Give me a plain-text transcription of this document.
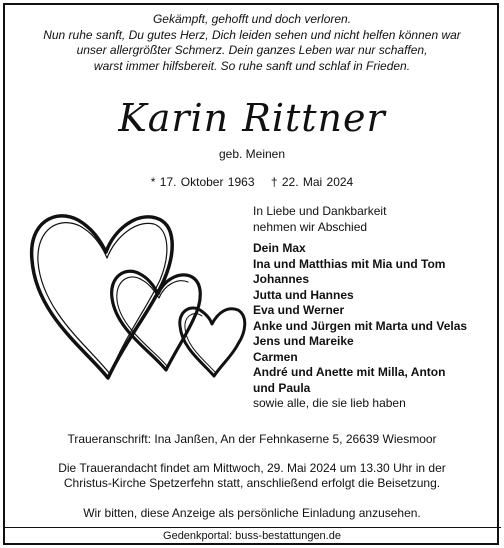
Gekämpft, gehofft und doch verloren.
Nun ruhe sanft, Du gutes Herz, Dich leiden sehen und nicht helfen können war
unser allergrößter Schmerz. Dein ganzes Leben war nur schaffen,
warst immer hilfsbereit. So ruhe sanft und schlaf in Frieden.
Karin Rittner
geb. Meinen
* 17. Oktober 1963 † 22. Mai 2024
In Liebe und Dankbarkeit
nehmen wir Abschied
Dein Max
Ina und Matthias mit Mia und Tom
Johannes
Jutta und Hannes
Eva und Werner
Anke und Jürgen mit Marta und Velas
Jens und Mareike
Carmen
André und Anette mit Milla, Anton
und Paula
sowie alle, die sie lieb haben
Traueranschrift: Ina Janßen, An der Fehnkaserne 5, 26639 Wiesmoor
Die Trauerandacht findet am Mittwoch, 29. Mai 2024 um 13.30 Uhr in der
Christus-Kirche Spetzerfehn statt, anschließend erfolgt die Beisetzung.
Wir bitten, diese Anzeige als persönliche Einladung anzusehen.
Gedenkportal: buss-bestattungen.de
